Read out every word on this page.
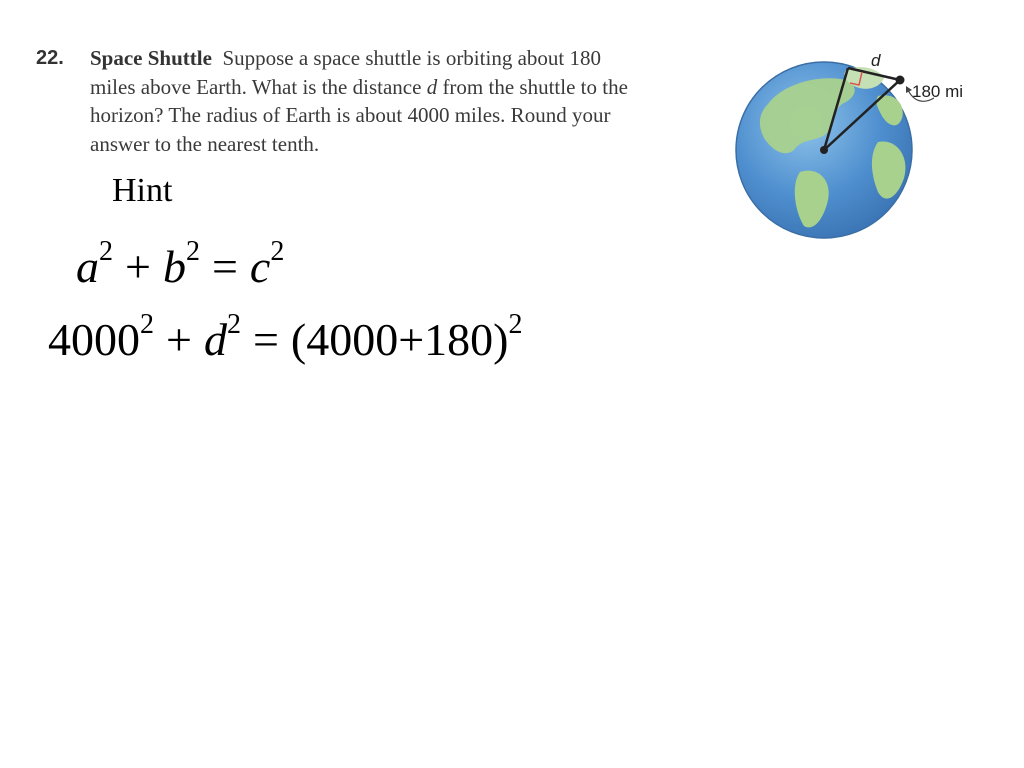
22. Space Shuttle Suppose a space shuttle is orbiting about 180 miles above Earth. What is the distance d from the shuttle to the horizon? The radius of Earth is about 4000 miles. Round your answer to the nearest tenth.
Hint
$a^2 + b^2 = c^2$
$4000^2 + d^2 = (4000+180)^2$
d
180 mi
